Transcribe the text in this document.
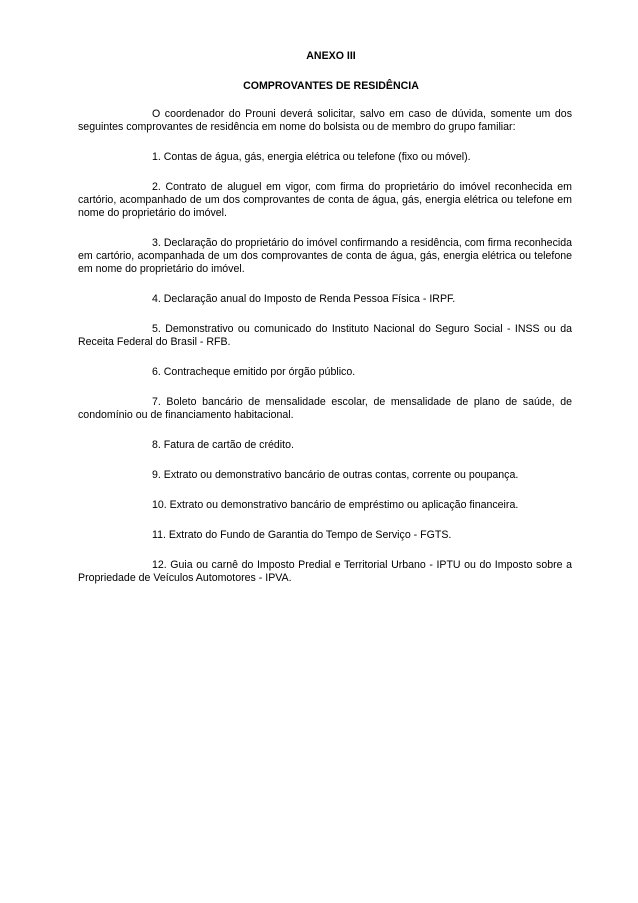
ANEXO III

COMPROVANTES DE RESIDÊNCIA

O coordenador do Prouni deverá solicitar, salvo em caso de dúvida, somente um dos seguintes comprovantes de residência em nome do bolsista ou de membro do grupo familiar:

1. Contas de água, gás, energia elétrica ou telefone (fixo ou móvel).

2. Contrato de aluguel em vigor, com firma do proprietário do imóvel reconhecida em cartório, acompanhado de um dos comprovantes de conta de água, gás, energia elétrica ou telefone em nome do proprietário do imóvel.

3. Declaração do proprietário do imóvel confirmando a residência, com firma reconhecida em cartório, acompanhada de um dos comprovantes de conta de água, gás, energia elétrica ou telefone em nome do proprietário do imóvel.

4. Declaração anual do Imposto de Renda Pessoa Física - IRPF.

5. Demonstrativo ou comunicado do Instituto Nacional do Seguro Social - INSS ou da Receita Federal do Brasil - RFB.

6. Contracheque emitido por órgão público.

7. Boleto bancário de mensalidade escolar, de mensalidade de plano de saúde, de condomínio ou de financiamento habitacional.

8. Fatura de cartão de crédito.

9. Extrato ou demonstrativo bancário de outras contas, corrente ou poupança.

10. Extrato ou demonstrativo bancário de empréstimo ou aplicação financeira.

11. Extrato do Fundo de Garantia do Tempo de Serviço - FGTS.

12. Guia ou carnê do Imposto Predial e Territorial Urbano - IPTU ou do Imposto sobre a Propriedade de Veículos Automotores - IPVA.
